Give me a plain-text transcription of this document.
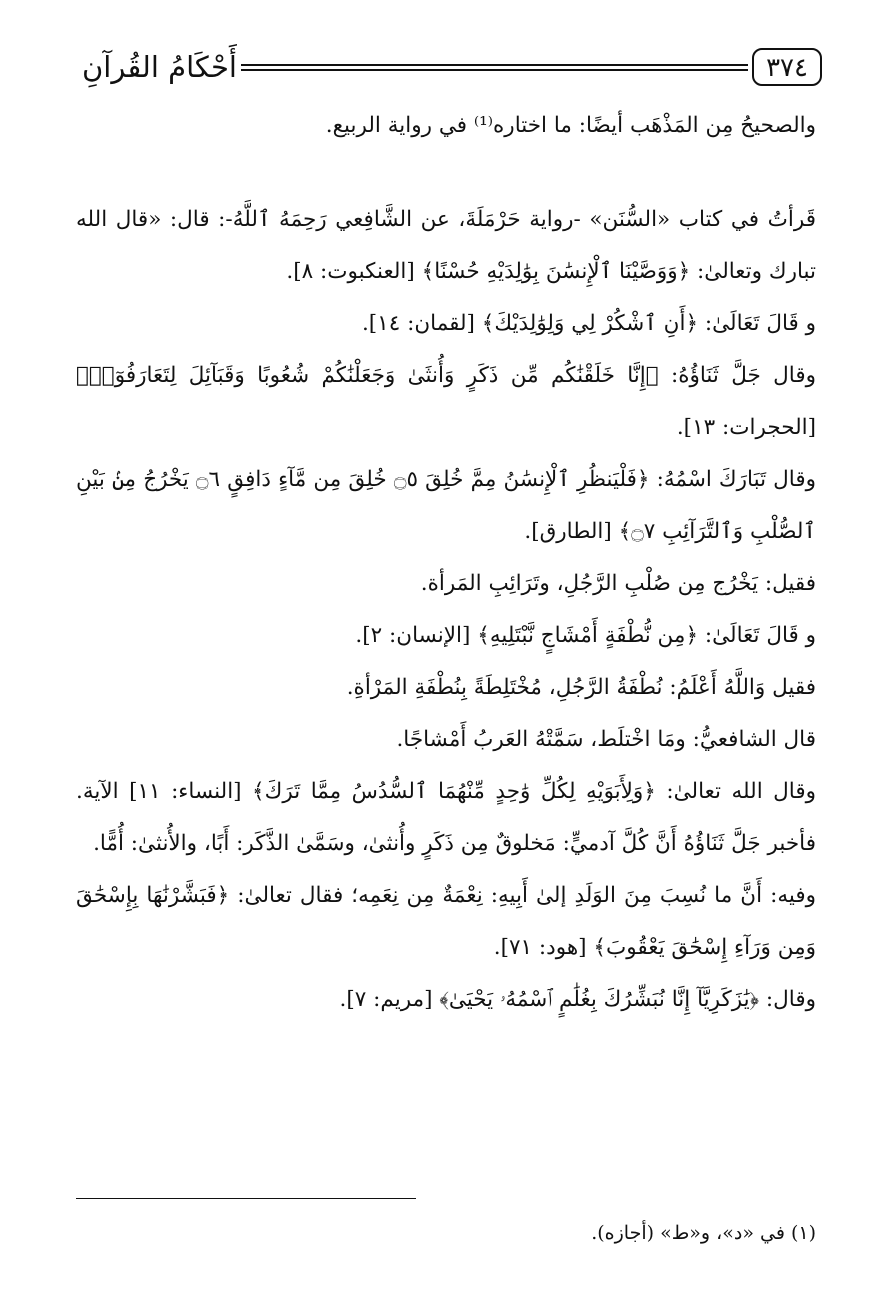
٣٧٤
أَحْكَامُ القُرآنِ

والصحيحُ مِن المَذْهَب أيضًا: ما اختاره⁽¹⁾ في رواية الربيع.

قَرأتُ في كتاب «السُّنَن» -رواية حَرْمَلَةَ، عن الشَّافِعي رَحِمَهُ ٱللَّهُ-: قال: «قال الله تبارك وتعالىٰ: ﴿وَوَصَّيْنَا ٱلْإِنسَٰنَ بِوَٰلِدَيْهِ حُسْنًا﴾ [العنكبوت: ٨].

و قَالَ تَعَالَىٰ: ﴿أَنِ ٱشْكُرْ لِي وَلِوَٰلِدَيْكَ﴾ [لقمان: ١٤].

وقال جَلَّ ثَنَاؤُهُ: ﴿إِنَّا خَلَقْنَٰكُم مِّن ذَكَرٍ وَأُنثَىٰ وَجَعَلْنَٰكُمْ شُعُوبًا وَقَبَآئِلَ لِتَعَارَفُوٓا۟﴾ [الحجرات: ١٣].

وقال تَبَارَكَ اسْمُهُ: ﴿فَلْيَنظُرِ ٱلْإِنسَٰنُ مِمَّ خُلِقَ ۝٥ خُلِقَ مِن مَّآءٍ دَافِقٍ ۝٦ يَخْرُجُ مِنۢ بَيْنِ ٱلصُّلْبِ وَٱلتَّرَآئِبِ ۝٧﴾ [الطارق].

فقيل: يَخْرُج مِن صُلْبِ الرَّجُلِ، وتَرَائِبِ المَرأة.

و قَالَ تَعَالَىٰ: ﴿مِن نُّطْفَةٍ أَمْشَاجٍ نَّبْتَلِيهِ﴾ [الإنسان: ٢].

فقيل وَاللَّهُ أَعْلَمُ: نُطْفَةُ الرَّجُلِ، مُخْتَلِطَةً بِنُطْفَةِ المَرْأةِ.

قال الشافعيُّ: ومَا اخْتلَط، سَمَّتْهُ العَربُ أَمْشاجًا.

وقال الله تعالىٰ: ﴿وَلِأَبَوَيْهِ لِكُلِّ وَٰحِدٍ مِّنْهُمَا ٱلسُّدُسُ مِمَّا تَرَكَ﴾ [النساء: ١١] الآية. فأخبر جَلَّ ثَنَاؤُهُ أَنَّ كُلَّ آدميٍّ: مَخلوقٌ مِن ذَكَرٍ وأُنثىٰ، وسَمَّىٰ الذَّكَر: أَبًا، والأُنثىٰ: أُمًّا.

وفيه: أَنَّ ما نُسِبَ مِنَ الوَلَدِ إلىٰ أَبِيهِ: نِعْمَةٌ مِن نِعَمِه؛ فقال تعالىٰ: ﴿فَبَشَّرْنَٰهَا بِإِسْحَٰقَ وَمِن وَرَآءِ إِسْحَٰقَ يَعْقُوبَ﴾ [هود: ٧١].

وقال: ﴿يَٰزَكَرِيَّآ إِنَّا نُبَشِّرُكَ بِغُلَٰمٍ ٱسْمُهُۥ يَحْيَىٰ﴾ [مريم: ٧].

(١) في «د»، و«ط» (أجازه).
